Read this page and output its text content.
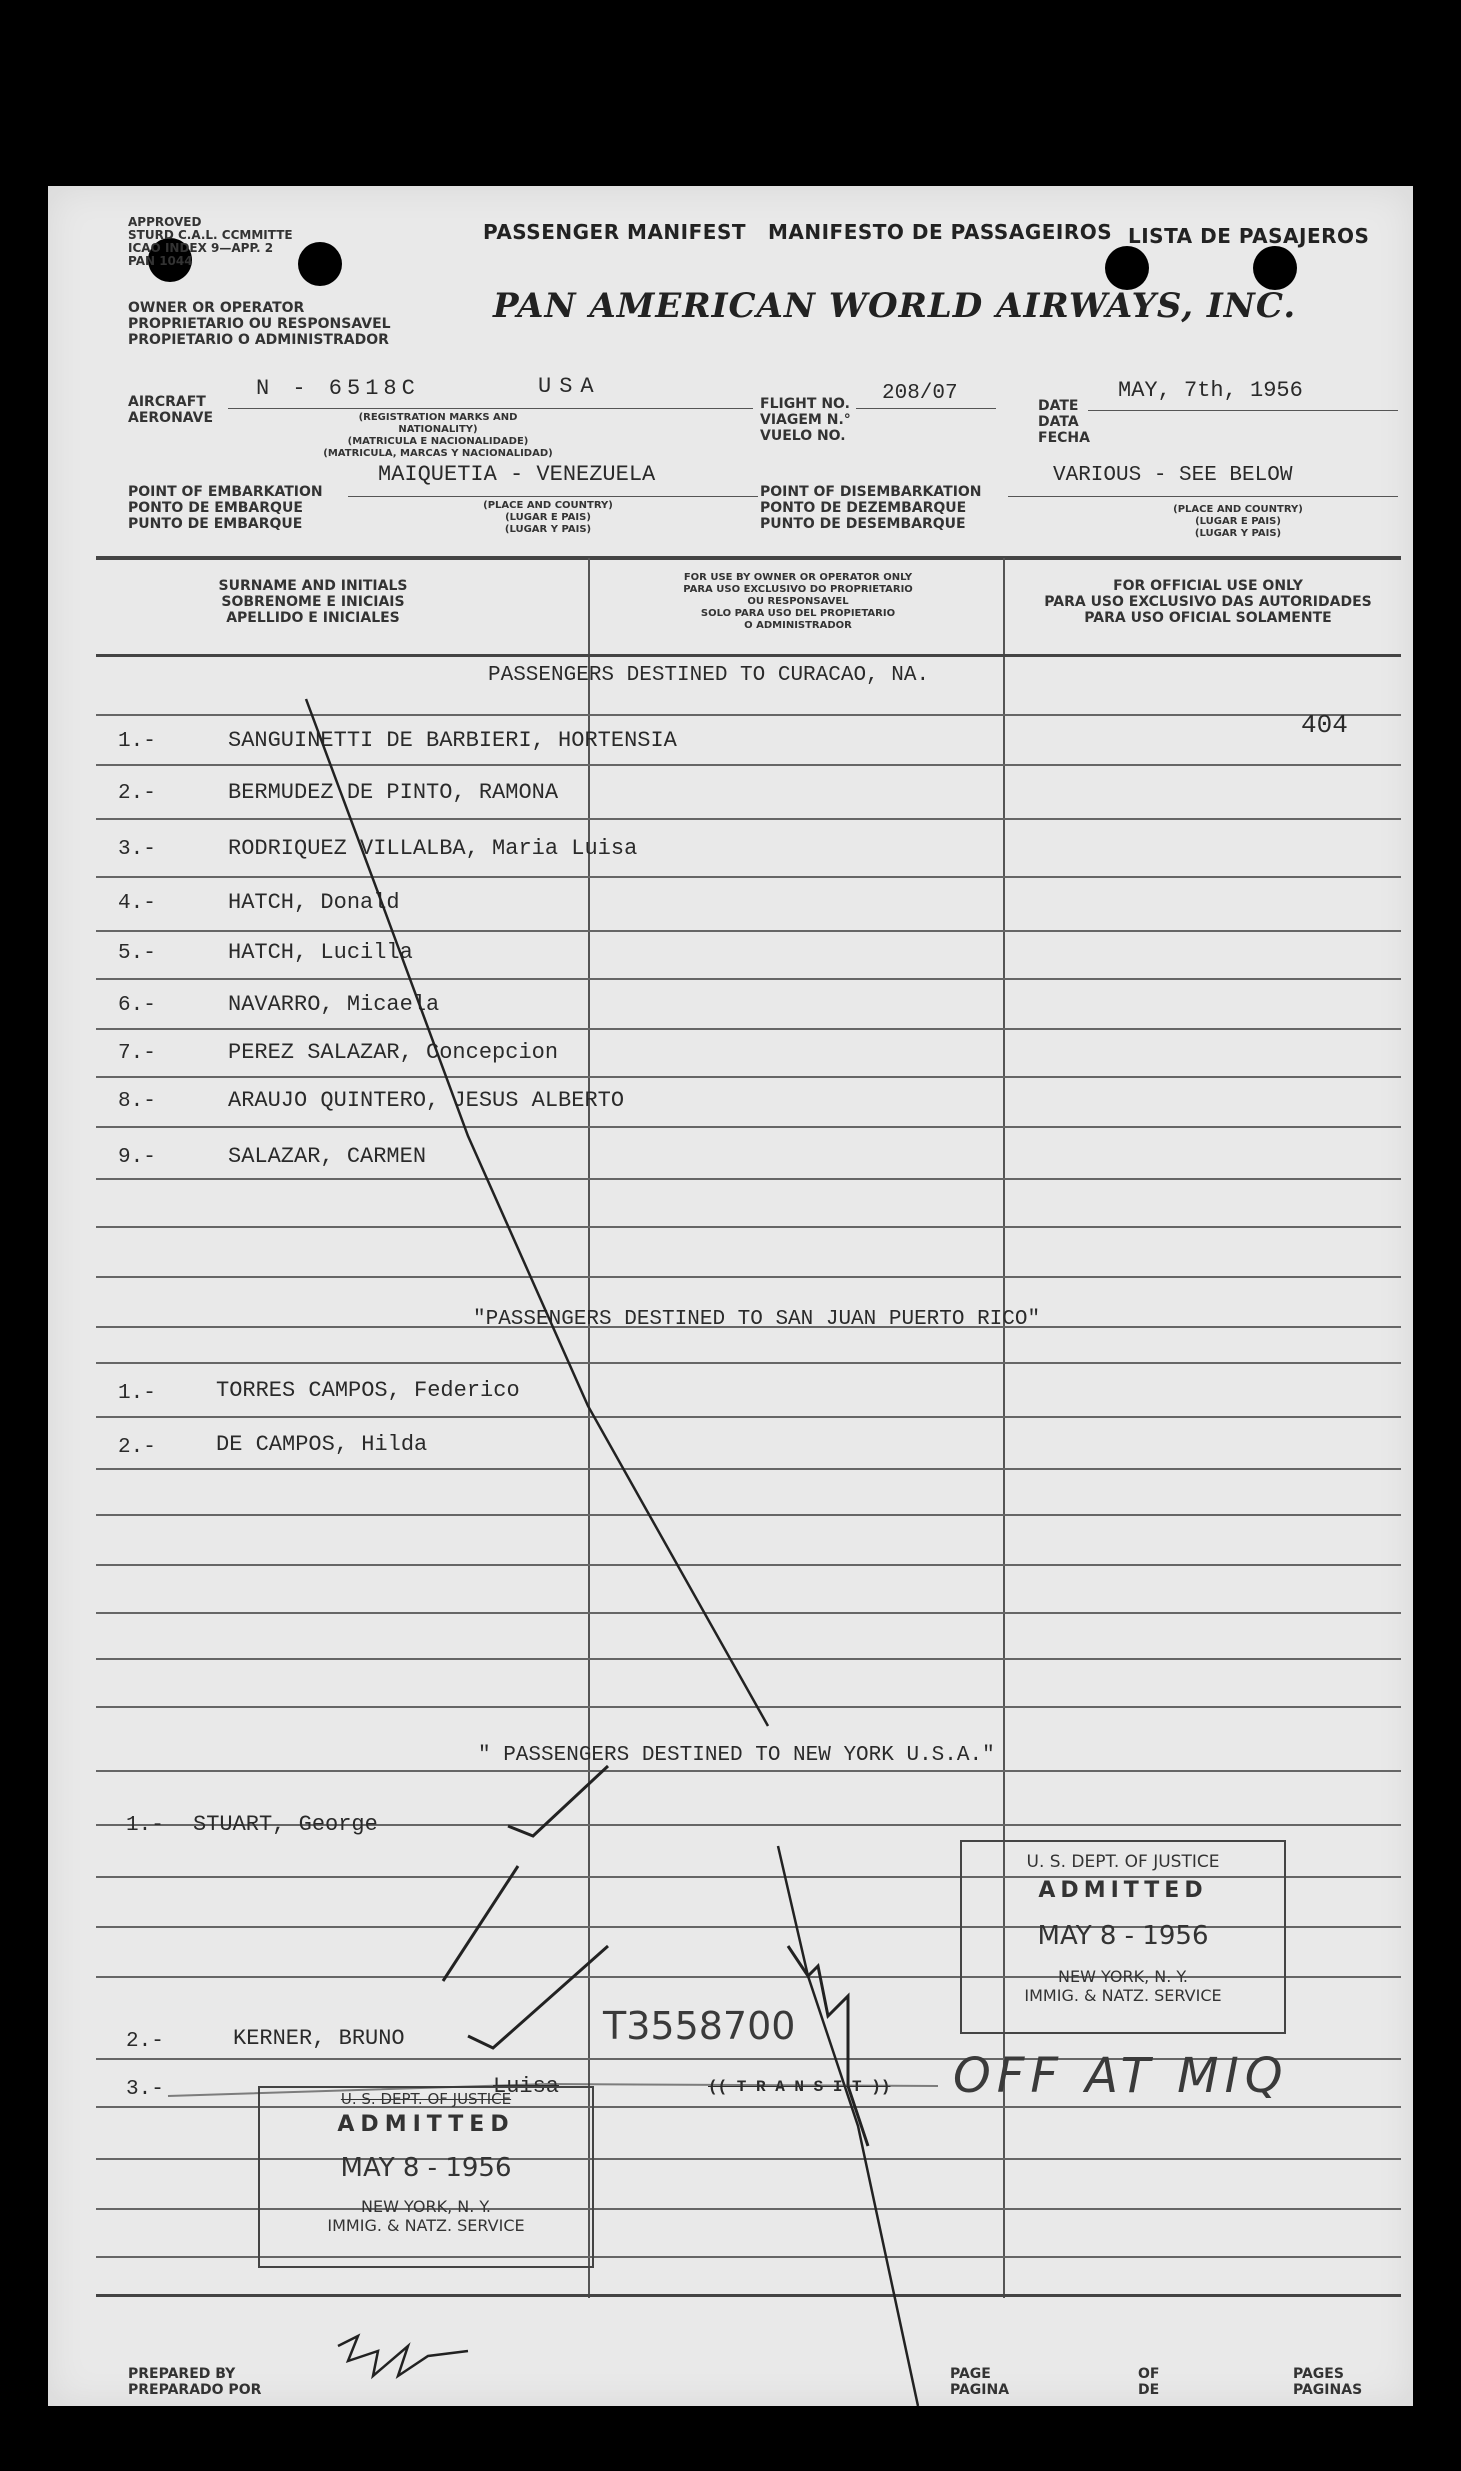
APPROVED
STURD C.A.L. CCMMITTE
ICAO INDEX 9—APP. 2
PAN 1044
PASSENGER MANIFEST MANIFESTO DE PASSAGEIROS LISTA DE PASAJEROS
OWNER OR OPERATOR
PROPRIETARIO OU RESPONSAVEL
PROPIETARIO O ADMINISTRADOR
PAN AMERICAN WORLD AIRWAYS, INC.
AIRCRAFT
AERONAVE
N - 6518C	USA
(REGISTRATION MARKS AND NATIONALITY)
(MATRICULA E NACIONALIDADE)
(MATRICULA, MARCAS Y NACIONALIDAD)
FLIGHT NO.
VIAGEM N.°
VUELO NO.
208/07
DATE
DATA
FECHA
MAY, 7th, 1956
POINT OF EMBARKATION
PONTO DE EMBARQUE
PUNTO DE EMBARQUE
MAIQUETIA - VENEZUELA
(PLACE AND COUNTRY)
(LUGAR E PAIS)
(LUGAR Y PAIS)
POINT OF DISEMBARKATION
PONTO DE DEZEMBARQUE
PUNTO DE DESEMBARQUE
VARIOUS - SEE BELOW
(PLACE AND COUNTRY)
(LUGAR E PAIS)
(LUGAR Y PAIS)
SURNAME AND INITIALS
SOBRENOME E INICIAIS
APELLIDO E INICIALES
FOR USE BY OWNER OR OPERATOR ONLY
PARA USO EXCLUSIVO DO PROPRIETARIO
OU RESPONSAVEL
SOLO PARA USO DEL PROPIETARIO
O ADMINISTRADOR
FOR OFFICIAL USE ONLY
PARA USO EXCLUSIVO DAS AUTORIDADES
PARA USO OFICIAL SOLAMENTE
PASSENGERS DESTINED TO CURACAO, NA.
404
1.-	SANGUINETTI DE BARBIERI, HORTENSIA
2.-	BERMUDEZ DE PINTO, RAMONA
3.-	RODRIQUEZ VILLALBA, Maria Luisa
4.-	HATCH, Donald
5.-	HATCH, Lucilla
6.-	NAVARRO, Micaela
7.-	PEREZ SALAZAR, Concepcion
8.-	ARAUJO QUINTERO, JESUS ALBERTO
9.-	SALAZAR, CARMEN
"PASSENGERS DESTINED TO SAN JUAN PUERTO RICO"
1.-	TORRES CAMPOS, Federico
2.-	DE CAMPOS, Hilda
" PASSENGERS DESTINED TO NEW YORK U.S.A."
1.- STUART, George
2.-	KERNER, BRUNO
3.-	Luisa	(( T R A N S I T ))
T3558700
OFF AT MIQ
U. S. DEPT. OF JUSTICE
ADMITTED
MAY 8 - 1956
NEW YORK, N. Y.
IMMIG. & NATZ. SERVICE
U. S. DEPT. OF JUSTICE
ADMITTED
MAY 8 - 1956
NEW YORK, N. Y.
IMMIG. & NATZ. SERVICE
PREPARED BY
PREPARADO POR
PAGE
PAGINA
OF
DE
PAGES
PAGINAS
